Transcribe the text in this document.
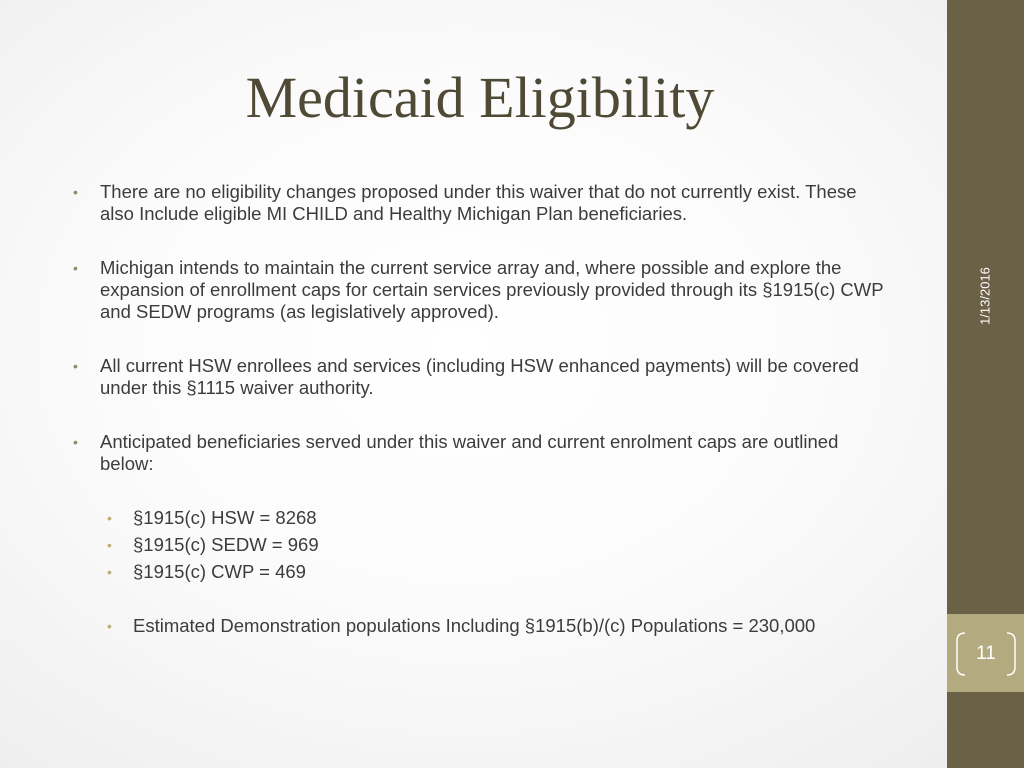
Medicaid Eligibility
• There are no eligibility changes proposed under this waiver that do not currently exist. These also Include eligible MI CHILD and Healthy Michigan Plan beneficiaries.
• Michigan intends to maintain the current service array and, where possible and explore the expansion of enrollment caps for certain services previously provided through its §1915(c) CWP and SEDW programs (as legislatively approved).
• All current HSW enrollees and services (including HSW enhanced payments) will be covered under this §1115 waiver authority.
• Anticipated beneficiaries served under this waiver and current enrolment caps are outlined below:
• §1915(c) HSW = 8268
• §1915(c) SEDW = 969
• §1915(c) CWP = 469
• Estimated Demonstration populations Including §1915(b)/(c) Populations = 230,000
1/13/2016
11
